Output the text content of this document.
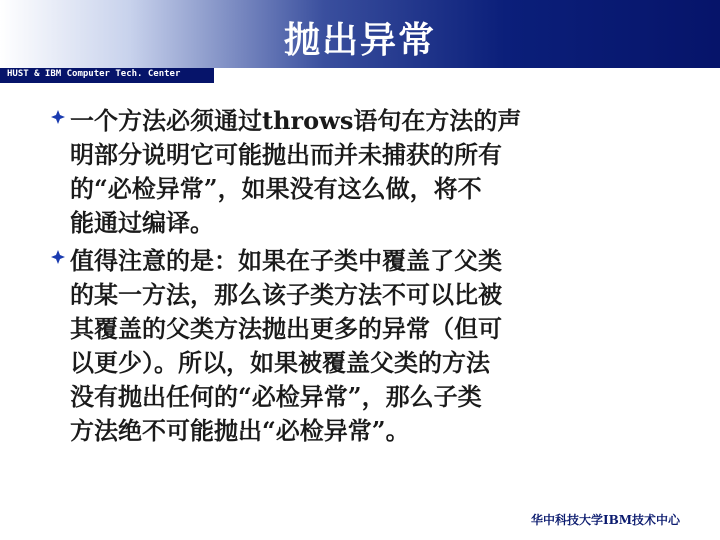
抛出异常
HUST & IBM Computer Tech. Center
一个方法必须通过throws语句在方法的声
明部分说明它可能抛出而并未捕获的所有
的“必检异常”，如果没有这么做，将不
能通过编译。
值得注意的是：如果在子类中覆盖了父类
的某一方法，那么该子类方法不可以比被
其覆盖的父类方法抛出更多的异常（但可
以更少）。所以，如果被覆盖父类的方法
没有抛出任何的“必检异常”，那么子类
方法绝不可能抛出“必检异常”。
华中科技大学IBM技术中心
